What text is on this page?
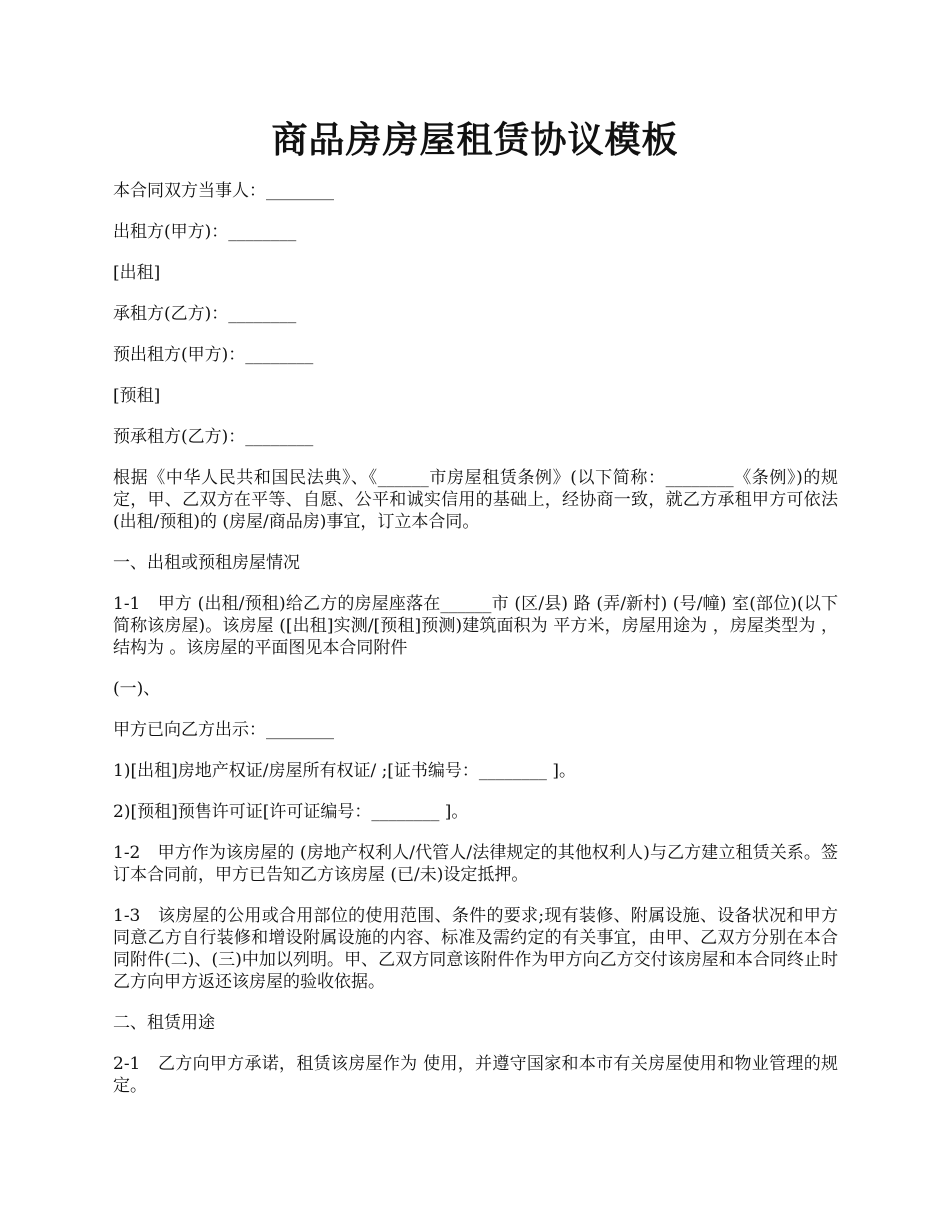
商品房房屋租赁协议模板

本合同双方当事人：________

出租方(甲方)：________

[出租]

承租方(乙方)：________

预出租方(甲方)：________

[预租]

预承租方(乙方)：________

根据《中华人民共和国民法典》、《______市房屋租赁条例》(以下简称：________《条例》)的规定，甲、乙双方在平等、自愿、公平和诚实信用的基础上，经协商一致，就乙方承租甲方可依法 (出租/预租)的 (房屋/商品房)事宜，订立本合同。

一、出租或预租房屋情况

1-1　甲方 (出租/预租)给乙方的房屋座落在______市 (区/县) 路 (弄/新村) (号/幢) 室(部位)(以下简称该房屋)。该房屋 ([出租]实测/[预租]预测)建筑面积为 平方米，房屋用途为 ，房屋类型为 ，结构为 。该房屋的平面图见本合同附件

(一)、

甲方已向乙方出示：________

1)[出租]房地产权证/房屋所有权证/ ;[证书编号：________ ]。

2)[预租]预售许可证[许可证编号：________ ]。

1-2　甲方作为该房屋的 (房地产权利人/代管人/法律规定的其他权利人)与乙方建立租赁关系。签订本合同前，甲方已告知乙方该房屋 (已/未)设定抵押。

1-3　该房屋的公用或合用部位的使用范围、条件的要求;现有装修、附属设施、设备状况和甲方同意乙方自行装修和增设附属设施的内容、标准及需约定的有关事宜，由甲、乙双方分别在本合同附件(二)、(三)中加以列明。甲、乙双方同意该附件作为甲方向乙方交付该房屋和本合同终止时乙方向甲方返还该房屋的验收依据。

二、租赁用途

2-1　乙方向甲方承诺，租赁该房屋作为 使用，并遵守国家和本市有关房屋使用和物业管理的规定。
